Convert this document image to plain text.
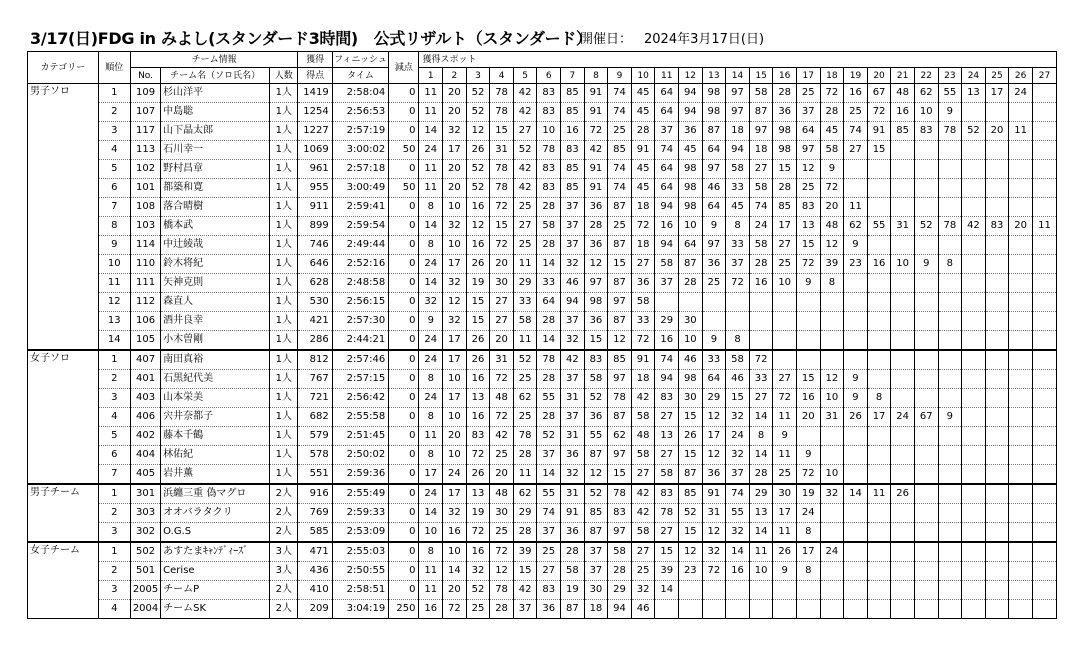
3/17(日)FDG in みよし(スタンダード3時間)　公式リザルト（スタンダード）
開催日： 2024年3月17日(日)
カテゴリー	順位	チーム情報			獲得	フィニッシュ	減点	獲得スポット																										
		No.	チーム名（ソロ氏名）	人数	得点	タイム		1	2	3	4	5	6	7	8	9	10	11	12	13	14	15	16	17	18	19	20	21	22	23	24	25	26	27
男子ソロ	1	109	杉山洋平	1人	1419	2:58:04	0	11	20	52	78	42	83	85	91	74	45	64	94	98	97	58	28	25	72	16	67	48	62	55	13	17	24	
	2	107	中島聡	1人	1254	2:56:53	0	11	20	52	78	42	83	85	91	74	45	64	94	98	97	87	36	37	28	25	72	16	10	9				
	3	117	山下晶太郎	1人	1227	2:57:19	0	14	32	12	15	27	10	16	72	25	28	37	36	87	18	97	98	64	45	74	91	85	83	78	52	20	11	
	4	113	石川幸一	1人	1069	3:00:02	50	24	17	26	31	52	78	83	42	85	91	74	45	64	94	18	98	97	58	27	15							
	5	102	野村昌章	1人	961	2:57:18	0	11	20	52	78	42	83	85	91	74	45	64	98	97	58	27	15	12	9									
	6	101	都築和寛	1人	955	3:00:49	50	11	20	52	78	42	83	85	91	74	45	64	98	46	33	58	28	25	72									
	7	108	落合晴樹	1人	911	2:59:41	0	8	10	16	72	25	28	37	36	87	18	94	98	64	45	74	85	83	20	11								
	8	103	橋本武	1人	899	2:59:54	0	14	32	12	15	27	58	37	28	25	72	16	10	9	8	24	17	13	48	62	55	31	52	78	42	83	20	11
	9	114	中辻綾哉	1人	746	2:49:44	0	8	10	16	72	25	28	37	36	87	18	94	64	97	33	58	27	15	12	9								
	10	110	鈴木将紀	1人	646	2:52:16	0	24	17	26	20	11	14	32	12	15	27	58	87	36	37	28	25	72	39	23	16	10	9	8				
	11	111	矢神克則	1人	628	2:48:58	0	14	32	19	30	29	33	46	97	87	36	37	28	25	72	16	10	9	8									
	12	112	森直人	1人	530	2:56:15	0	32	12	15	27	33	64	94	98	97	58																	
	13	106	酒井良幸	1人	421	2:57:30	0	9	32	15	27	58	28	37	36	87	33	29	30															
	14	105	小木曽剛	1人	286	2:44:21	0	24	17	26	20	11	14	32	15	12	72	16	10	9	8													
女子ソロ	1	407	南田真裕	1人	812	2:57:46	0	24	17	26	31	52	78	42	83	85	91	74	46	33	58	72												
	2	401	石黒紀代美	1人	767	2:57:15	0	8	10	16	72	25	28	37	58	97	18	94	98	64	46	33	27	15	12	9								
	3	403	山本栄美	1人	721	2:56:42	0	24	17	13	48	62	55	31	52	78	42	83	30	29	15	27	72	16	10	9	8							
	4	406	宍井奈都子	1人	682	2:55:58	0	8	10	16	72	25	28	37	36	87	58	27	15	12	32	14	11	20	31	26	17	24	67	9				
	5	402	藤本千鶴	1人	579	2:51:45	0	11	20	83	42	78	52	31	55	62	48	13	26	17	24	8	9											
	6	404	林佑紀	1人	578	2:50:02	0	8	10	72	25	28	37	36	87	97	58	27	15	12	32	14	11	9										
	7	405	岩井薫	1人	551	2:59:36	0	17	24	26	20	11	14	32	12	15	27	58	87	36	37	28	25	72	10									
男子チーム	1	301	浜纏三重 偽マグロ	2人	916	2:55:49	0	24	17	13	48	62	55	31	52	78	42	83	85	91	74	29	30	19	32	14	11	26						
	2	303	オオバラタクリ	2人	769	2:59:33	0	14	32	19	30	29	74	91	85	83	42	78	52	31	55	13	17	24										
	3	302	O.G.S	2人	585	2:53:09	0	10	16	72	25	28	37	36	87	97	58	27	15	12	32	14	11	8										
女子チーム	1	502	あすたまｷｬﾝﾃﾞｨｰｽﾞ	3人	471	2:55:03	0	8	10	16	72	39	25	28	37	58	27	15	12	32	14	11	26	17	24									
	2	501	Cerise	3人	436	2:50:55	0	11	14	32	12	15	27	58	37	28	25	39	23	72	16	10	9	8										
	3	2005	チームP	2人	410	2:58:51	0	11	20	52	78	42	83	19	30	29	32	14																
	4	2004	チームSK	2人	209	3:04:19	250	16	72	25	28	37	36	87	18	94	46																	
